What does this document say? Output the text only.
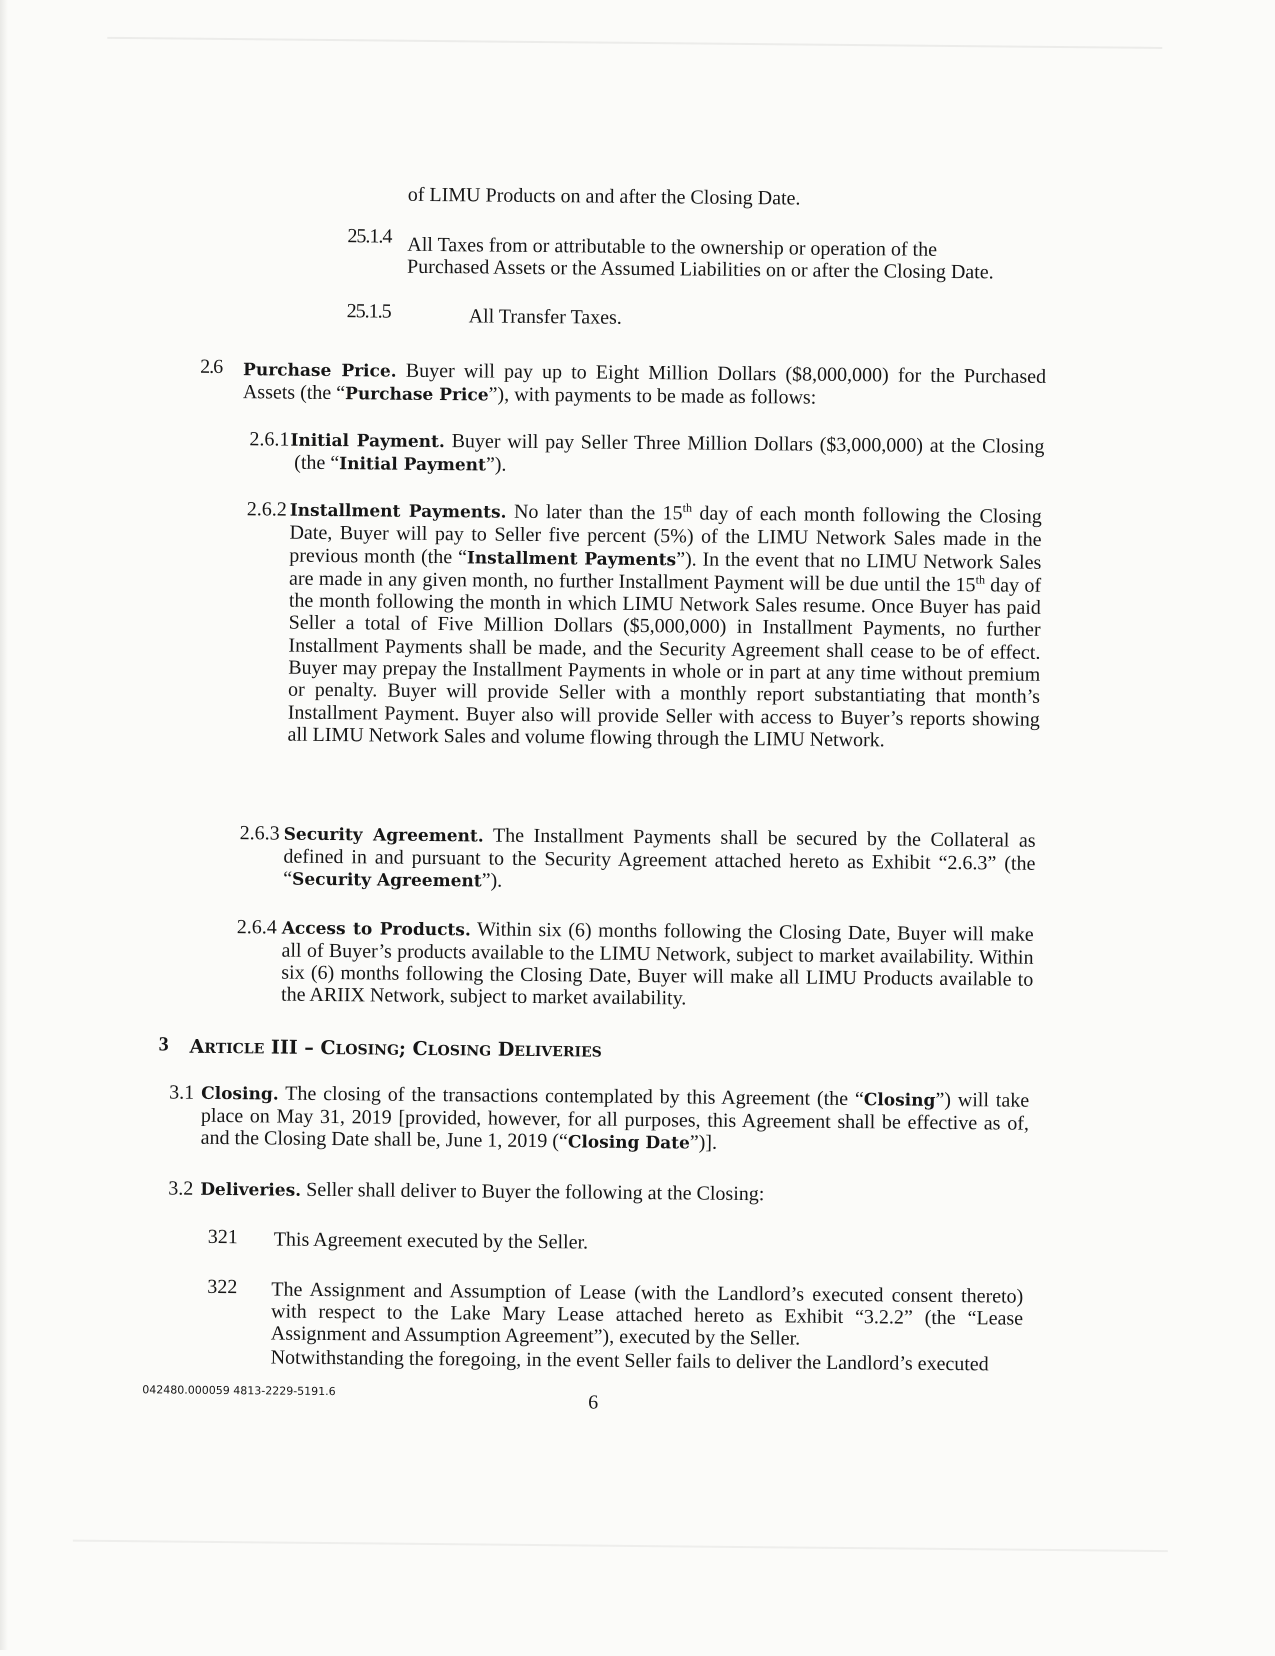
of LIMU Products on and after the Closing Date.
25.1.4 All Taxes from or attributable to the ownership or operation of the
Purchased Assets or the Assumed Liabilities on or after the Closing Date.
25.1.5	All Transfer Taxes.
2.6 Purchase Price. Buyer will pay up to Eight Million Dollars ($8,000,000) for the Purchased Assets (the “Purchase Price”), with payments to be made as follows:
2.6.1 Initial Payment. Buyer will pay Seller Three Million Dollars ($3,000,000) at the Closing (the “Initial Payment”).
2.6.2 Installment Payments. No later than the 15th day of each month following the Closing Date, Buyer will pay to Seller five percent (5%) of the LIMU Network Sales made in the previous month (the “Installment Payments”). In the event that no LIMU Network Sales are made in any given month, no further Installment Payment will be due until the 15th day of the month following the month in which LIMU Network Sales resume. Once Buyer has paid Seller a total of Five Million Dollars ($5,000,000) in Installment Payments, no further Installment Payments shall be made, and the Security Agreement shall cease to be of effect. Buyer may prepay the Installment Payments in whole or in part at any time without premium or penalty. Buyer will provide Seller with a monthly report substantiating that month’s Installment Payment. Buyer also will provide Seller with access to Buyer’s reports showing all LIMU Network Sales and volume flowing through the LIMU Network.
2.6.3 Security Agreement. The Installment Payments shall be secured by the Collateral as defined in and pursuant to the Security Agreement attached hereto as Exhibit “2.6.3” (the “Security Agreement”).
2.6.4 Access to Products. Within six (6) months following the Closing Date, Buyer will make all of Buyer’s products available to the LIMU Network, subject to market availability. Within six (6) months following the Closing Date, Buyer will make all LIMU Products available to the ARIIX Network, subject to market availability.
3 ARTICLE III – CLOSING; CLOSING DELIVERIES
3.1 Closing. The closing of the transactions contemplated by this Agreement (the “Closing”) will take place on May 31, 2019 [provided, however, for all purposes, this Agreement shall be effective as of, and the Closing Date shall be, June 1, 2019 (“Closing Date”)].
3.2 Deliveries. Seller shall deliver to Buyer the following at the Closing:
321 This Agreement executed by the Seller.
322 The Assignment and Assumption of Lease (with the Landlord’s executed consent thereto) with respect to the Lake Mary Lease attached hereto as Exhibit “3.2.2” (the “Lease Assignment and Assumption Agreement”), executed by the Seller.
Notwithstanding the foregoing, in the event Seller fails to deliver the Landlord’s executed
042480.000059 4813-2229-5191.6
6
